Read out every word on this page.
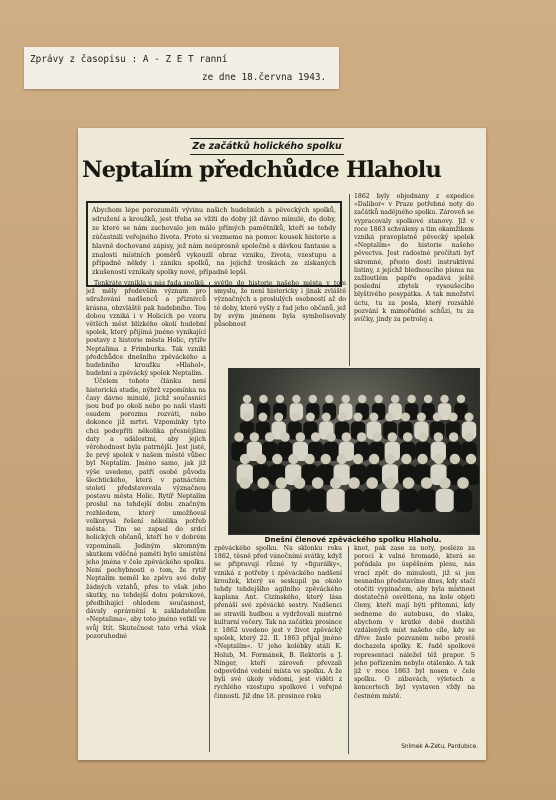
Zprávy z časopisu : A - Z E T ranní
ze dne 18.června 1943.
Ze začátků holického spolku
Neptalím předchůdce Hlaholu
Abychom lépe porozuměli vývinu našich hudebních a pěveckých spolků, sdružení a kroužků, jest třeba se vžíti do doby již dávno minulé, do doby, ze které se nám zachovalo jen málo přímých pamětníků, kteří se tehdy zúčastnili veřejného života. Proto si vezmeme na pomoc kousek historie a hlavně dochované zápisy, jež nám neúprosně společně s dávkou fantasie a znalosti místních poměrů vykouzlí obraz vzniku, života, vzestupu a případně někdy i zániku spolků, na jejichž troskách ze získaných zkušeností vznikaly spolky nové, případně lepší.

Tenkráte vznikla u nás řada spolků, jež měly především význam pro sdružování nadšenců a příznivců krásna, obzvláště pak hudebního. Tou dobou vzniká i v Holicích po vzoru větších měst blízkého okolí hudební spolek, který přijímá jméno vynikající postavy z historie města Holic, rytíře Neptalima z Frimburka. Tak vznikl předchůdce dnešního zpěváckého a hudebního kroužku »Hlahol«, hudební a zpěvácký spolek Neptalím.

Účelem tohoto článku není historická studie, nýbrž vzpomínka na časy dávno minulé, jichž současníci jsou buď po okolí nebo po naší vlasti osudem porozmu rozváti, nebo dokonce již mrtvi. Vzpomínky tyto chci podepříti několika přesnějšími daty a událostmi, aby jejich věrohodnost byla patrnější. Jest jisté, že prvý spolek v našem městě vůbec byl Neptalím. Jméno samo, jak již výše uvedeno, patří osobě původu šlechtického, která v patnáctém století představovala význačnou postavu města Holic. Rytíř Neptalím proslul na tehdejší dobu značným rozhledem, který umožňoval velkorysá řešení několika potřeb města. Tím se zapsal do srdcí holických občanů, kteří ho v dobrém vzpomínali. Jediným skromným skutkem vděčné paměti bylo umístění jeho jména v čele zpěváckého spolku. Není pochybnosti o tom, že rytíř Neptalím neměl ke zpěvu své doby žádných vztahů, přes to však jeho skutky, na tehdejší dobu pokrokové, předbíhající ohledem současnost, dávaly oprávnění k zakladatelům »Neptalima«, aby toto jméno vetkli ve svůj štít. Skutečnost tato vrhá však pozoruhodné

světlo do historie našeho města v tom smyslu, že není historicky i jinak zvláště význačných a proslulých osobností až do té doby, které vyšly z řad jeho občanů, jež by svým jménem byla symbolisovaly působnost

1862 byly objednány z expedice »Dalibor« v Praze potřebné noty do začátků nadějného spolku. Zároveň se vypracovaly spolkové stanovy. Již v roce 1863 schváleny a tím okamžikem vzniká pravoplatně pěvecký spolek »Neptalím« do historie našeho pěvectva. Jest radostné pročítati byť skromné, přesto dosti instruktivní listiny, z jejichž blednoucího písma na zažloutlém papíře opadává ještě poslední zbytek vysoušecího blyštivého posypátka. A tak množství úctu, tu za posla, který rozsáhlé pozvání k mimořádné schůzi, tu za svíčky, jindy za petrolej a

Dnešní členové zpěváckého spolku Hlaholu.

zpěváckého spolku. Na sklonku roku 1862, těsně před vánočními svátky, když se připravují různé ty »figurálky«, vzniká z potřeby i zpěváckého nadšení kroužek, který se seskupil pa okolo tehdy tehdejšího agilního zpěváckého kaplana Ant. Cizínského, který lása přenáší své zpěvácké sestry. Nadšenci se stravili hudbou a vydržovali mistrné kulturní večery. Tak na začátku prosince r. 1862 uvedeno jest v život zpěvácký spolek, který 22. II. 1863 přijal jméno »Neptalím«. U jeho kolébky stáli K. Holub, M. Formánek, B. Rektorís a J. Ninger, kteří zároveň převzali odpovědné vedení místa ve spolku. A že byli své úkoly vědomi, jest viděti z rychlého vzestupu spolkové i veřejné činnosti. Již dne 18. prosince roku

knot, pak zase za noty, posléze za poroci k valné hromadě, která se pořádala po úspěšném plesu, nás vrací zpět do minulosti, již si jen nesnadno představíme dnes, kdy stačí otočiti vypínačem, aby byla místnost dostatečně osvětlena, na kole objeti členy, kteří mají býti přítomni, kdy sedneme do autobusu, do vlaku, abychom v krátké době dostihli vzdálených míst našeho cíle, kdy se dříve žaslo pozvaném nebo prostě dochazela spolky. K. řadě spolkové representaci náležel též prapor. S jeho pořízením nebylo otálenko. A tak již v roce 1863 byl nosen v čele spolku. O zábavách, výletech a koncertech byl vystaven vždy na čestném místě.

Snímek A-Zetu, Pardubice.
